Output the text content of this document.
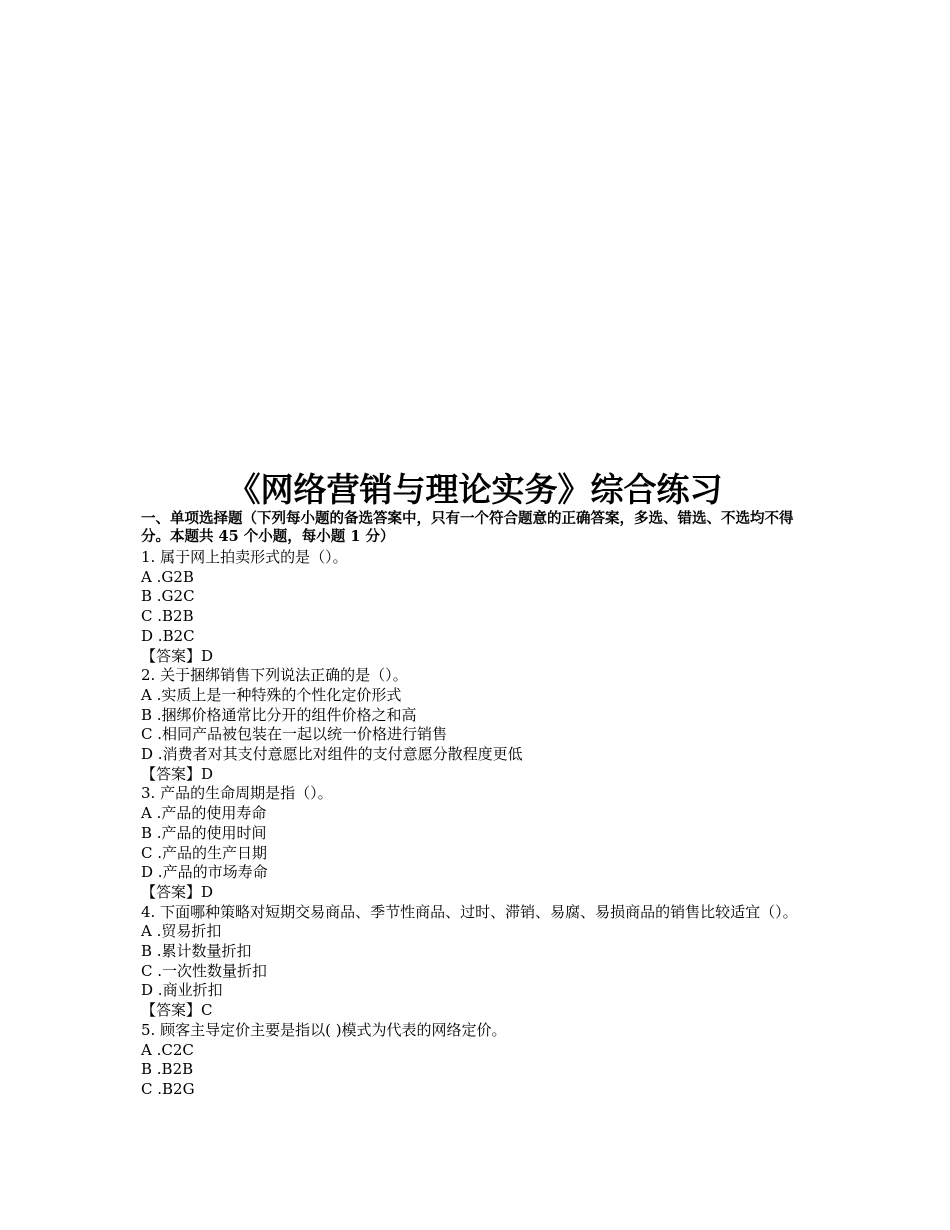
《网络营销与理论实务》综合练习
一、单项选择题（下列每小题的备选答案中，只有一个符合题意的正确答案，多选、错选、不选均不得分。本题共 45 个小题，每小题 1 分）
1. 属于网上拍卖形式的是（）。
A .G2B
B .G2C
C .B2B
D .B2C
【答案】D
2. 关于捆绑销售下列说法正确的是（）。
A .实质上是一种特殊的个性化定价形式
B .捆绑价格通常比分开的组件价格之和高
C .相同产品被包装在一起以统一价格进行销售
D .消费者对其支付意愿比对组件的支付意愿分散程度更低
【答案】D
3. 产品的生命周期是指（）。
A .产品的使用寿命
B .产品的使用时间
C .产品的生产日期
D .产品的市场寿命
【答案】D
4. 下面哪种策略对短期交易商品、季节性商品、过时、滞销、易腐、易损商品的销售比较适宜（）。
A .贸易折扣
B .累计数量折扣
C .一次性数量折扣
D .商业折扣
【答案】C
5. 顾客主导定价主要是指以( )模式为代表的网络定价。
A .C2C
B .B2B
C .B2G
